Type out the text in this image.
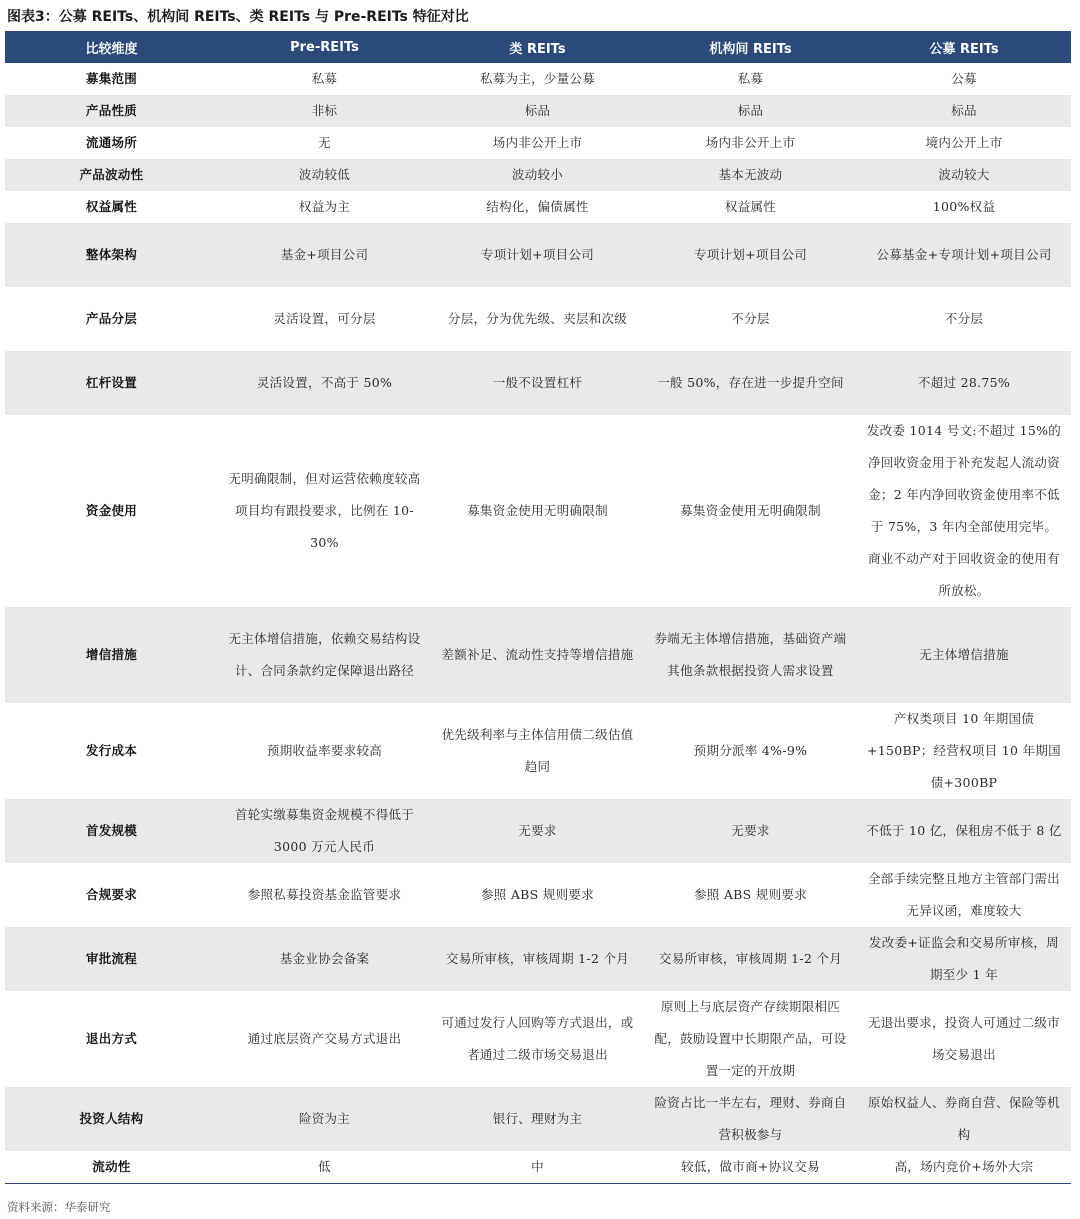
图表3：公募 REITs、机构间 REITs、类 REITs 与 Pre-REITs 特征对比
比较维度	Pre-REITs	类 REITs	机构间 REITs	公募 REITs
募集范围	私募	私募为主，少量公募	私募	公募
产品性质	非标	标品	标品	标品
流通场所	无	场内非公开上市	场内非公开上市	境内公开上市
产品波动性	波动较低	波动较小	基本无波动	波动较大
权益属性	权益为主	结构化，偏债属性	权益属性	100%权益
整体架构	基金+项目公司	专项计划+项目公司	专项计划+项目公司	公募基金+专项计划+项目公司
产品分层	灵活设置，可分层	分层，分为优先级、夹层和次级	不分层	不分层
杠杆设置	灵活设置，不高于 50%	一般不设置杠杆	一般 50%，存在进一步提升空间	不超过 28.75%
资金使用	无明确限制，但对运营依赖度较高项目均有跟投要求，比例在 10-30%	募集资金使用无明确限制	募集资金使用无明确限制	发改委 1014 号文:不超过 15%的净回收资金用于补充发起人流动资金；2 年内净回收资金使用率不低于 75%，3 年内全部使用完毕。商业不动产对于回收资金的使用有所放松。
增信措施	无主体增信措施，依赖交易结构设计、合同条款约定保障退出路径	差额补足、流动性支持等增信措施	券端无主体增信措施，基础资产端其他条款根据投资人需求设置	无主体增信措施
发行成本	预期收益率要求较高	优先级利率与主体信用债二级估值趋同	预期分派率 4%-9%	产权类项目 10 年期国债+150BP；经营权项目 10 年期国债+300BP
首发规模	首轮实缴募集资金规模不得低于 3000 万元人民币	无要求	无要求	不低于 10 亿，保租房不低于 8 亿
合规要求	参照私募投资基金监管要求	参照 ABS 规则要求	参照 ABS 规则要求	全部手续完整且地方主管部门需出无异议函，难度较大
审批流程	基金业协会备案	交易所审核，审核周期 1-2 个月	交易所审核，审核周期 1-2 个月	发改委+证监会和交易所审核，周期至少 1 年
退出方式	通过底层资产交易方式退出	可通过发行人回购等方式退出，或者通过二级市场交易退出	原则上与底层资产存续期限相匹配，鼓励设置中长期限产品，可设置一定的开放期	无退出要求，投资人可通过二级市场交易退出
投资人结构	险资为主	银行、理财为主	险资占比一半左右，理财、券商自营积极参与	原始权益人、券商自营、保险等机构
流动性	低	中	较低，做市商+协议交易	高，场内竞价+场外大宗
资料来源：华泰研究
